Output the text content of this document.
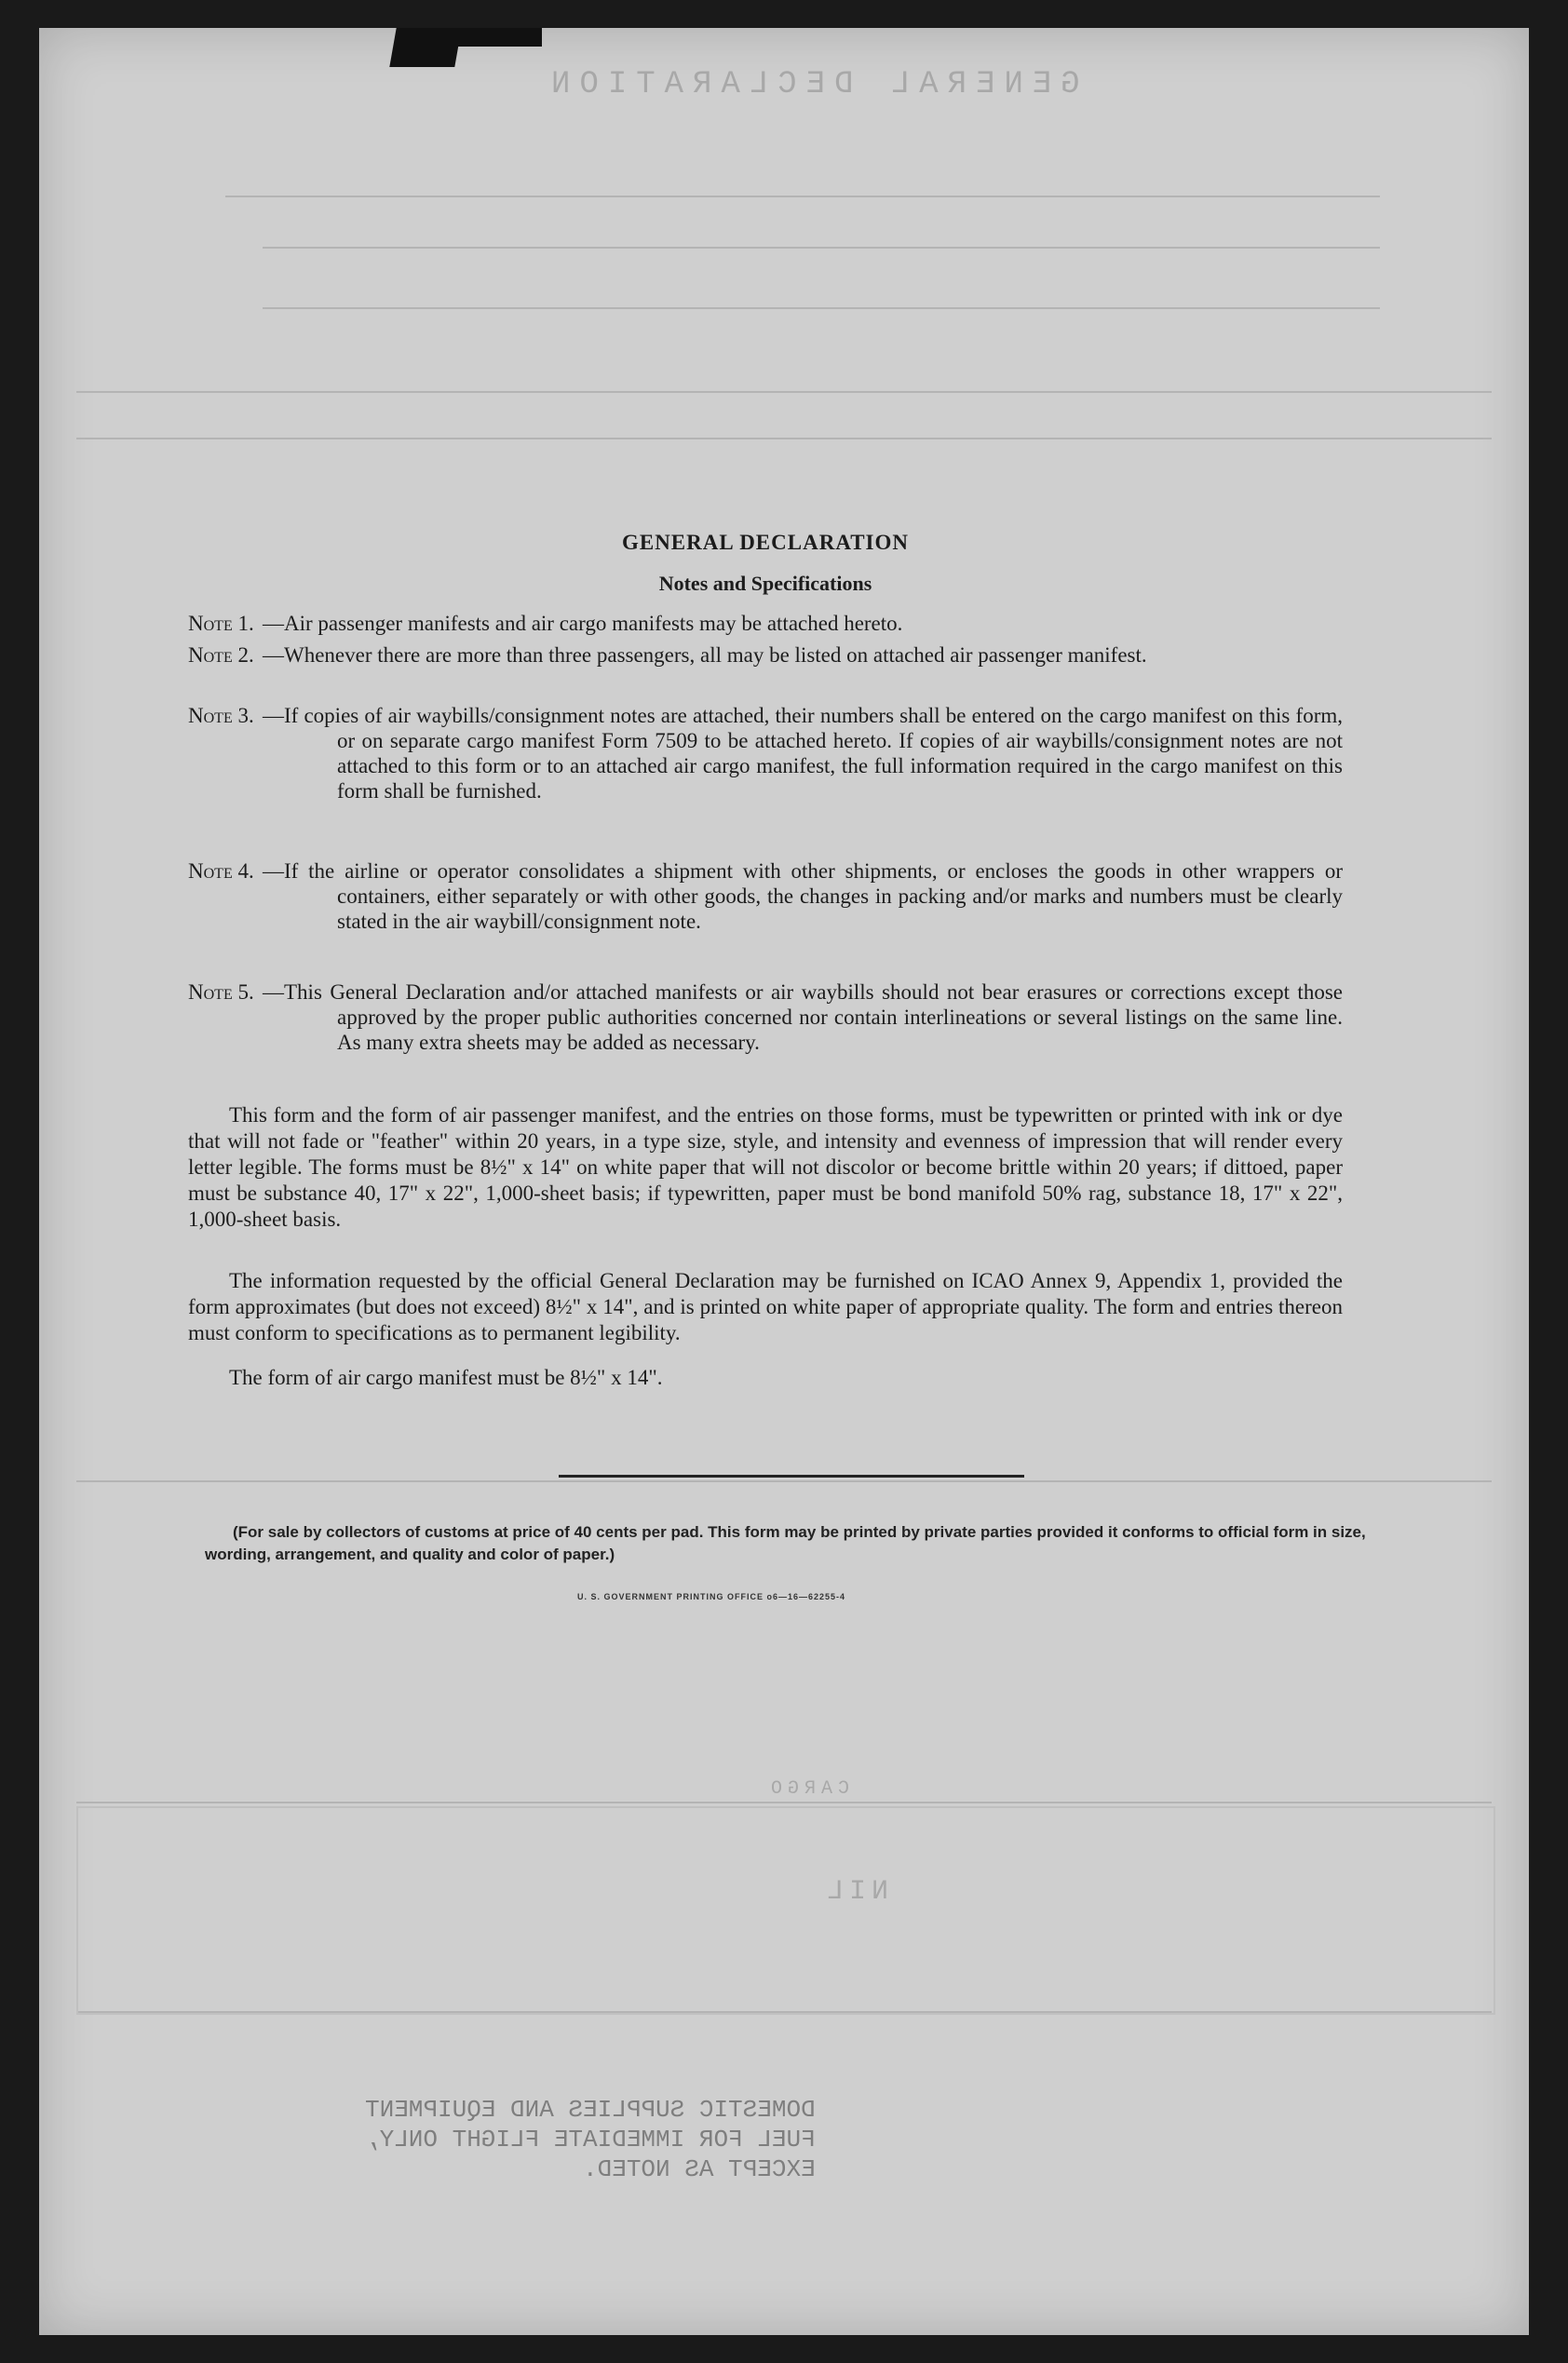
GENERAL DECLARATION
CARGO
NIL
GENERAL DECLARATION
Notes and Specifications
Note 1. —Air passenger manifests and air cargo manifests may be attached hereto.
Note 2. —Whenever there are more than three passengers, all may be listed on attached air passenger manifest.
Note 3. —If copies of air waybills/consignment notes are attached, their numbers shall be entered on the cargo manifest on this form, or on separate cargo manifest Form 7509 to be attached hereto. If copies of air waybills/consignment notes are not attached to this form or to an attached air cargo manifest, the full information required in the cargo manifest on this form shall be furnished.
Note 4. —If the airline or operator consolidates a shipment with other shipments, or encloses the goods in other wrappers or containers, either separately or with other goods, the changes in packing and/or marks and numbers must be clearly stated in the air waybill/consignment note.
Note 5. —This General Declaration and/or attached manifests or air waybills should not bear erasures or corrections except those approved by the proper public authorities concerned nor contain interlineations or several listings on the same line. As many extra sheets may be added as necessary.
This form and the form of air passenger manifest, and the entries on those forms, must be typewritten or printed with ink or dye that will not fade or "feather" within 20 years, in a type size, style, and intensity and evenness of impression that will render every letter legible. The forms must be 8½" x 14" on white paper that will not discolor or become brittle within 20 years; if dittoed, paper must be substance 40, 17" x 22", 1,000-sheet basis; if typewritten, paper must be bond manifold 50% rag, substance 18, 17" x 22", 1,000-sheet basis.
The information requested by the official General Declaration may be furnished on ICAO Annex 9, Appendix 1, provided the form approximates (but does not exceed) 8½" x 14", and is printed on white paper of appropriate quality. The form and entries thereon must conform to specifications as to permanent legibility.
The form of air cargo manifest must be 8½" x 14".
(For sale by collectors of customs at price of 40 cents per pad. This form may be printed by private parties provided it conforms to official form in size, wording, arrangement, and quality and color of paper.)
U. S. GOVERNMENT PRINTING OFFICE o6—16—62255-4
DOMESTIC SUPPLIES AND EQUIPMENT
FUEL FOR IMMEDIATE FLIGHT ONLY,
EXCEPT AS NOTED.
